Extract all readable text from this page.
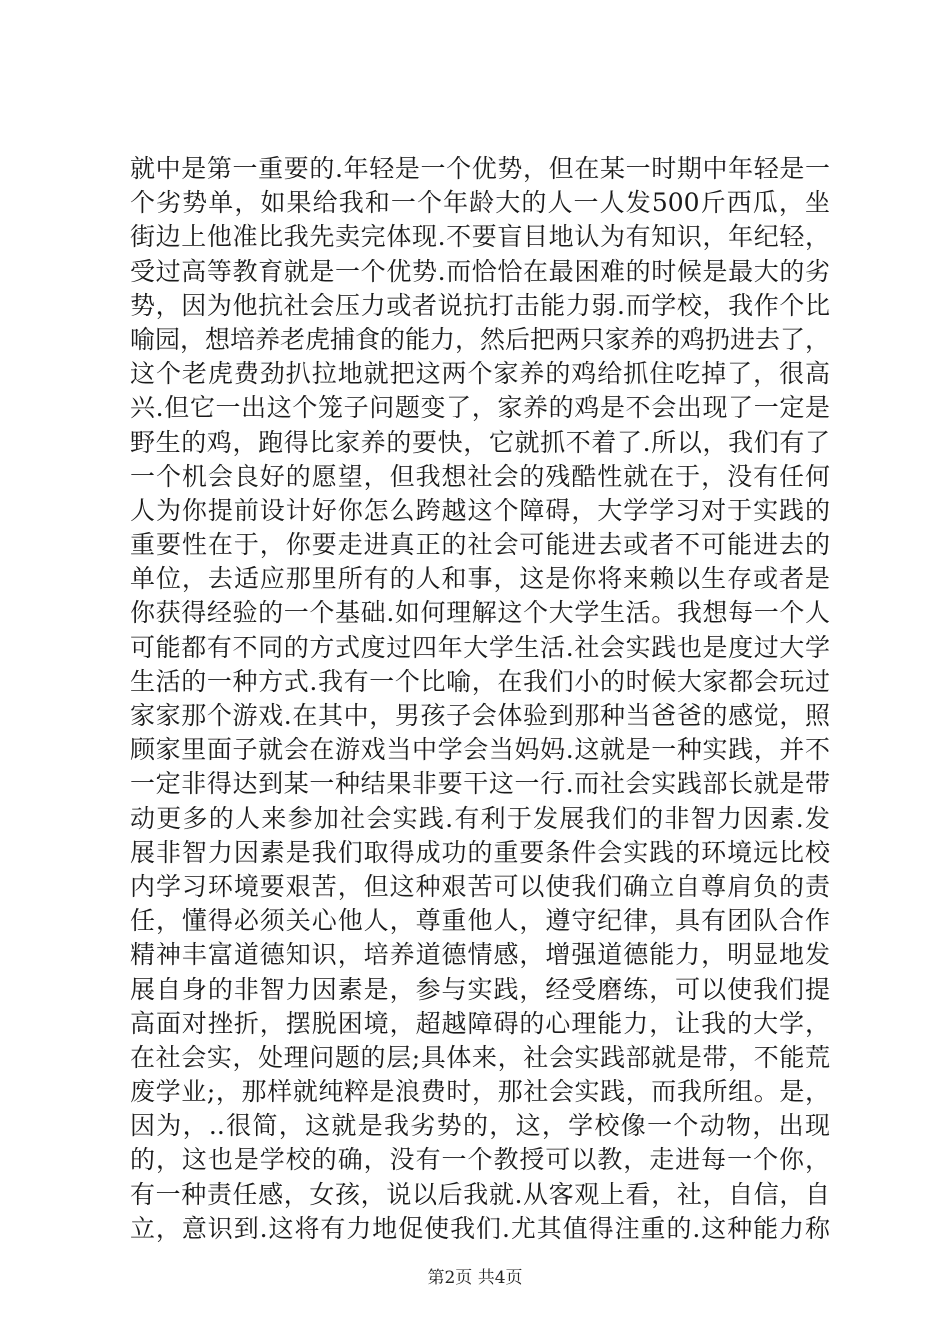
就中是第一重要的.年轻是一个优势，但在某一时期中年轻是一
个劣势单，如果给我和一个年龄大的人一人发500斤西瓜，坐
街边上他准比我先卖完体现.不要盲目地认为有知识，年纪轻，
受过高等教育就是一个优势.而恰恰在最困难的时候是最大的劣
势，因为他抗社会压力或者说抗打击能力弱.而学校，我作个比
喻园，想培养老虎捕食的能力，然后把两只家养的鸡扔进去了，
这个老虎费劲扒拉地就把这两个家养的鸡给抓住吃掉了，很高
兴.但它一出这个笼子问题变了，家养的鸡是不会出现了一定是
野生的鸡，跑得比家养的要快，它就抓不着了.所以，我们有了
一个机会良好的愿望，但我想社会的残酷性就在于，没有任何
人为你提前设计好你怎么跨越这个障碍，大学学习对于实践的
重要性在于，你要走进真正的社会可能进去或者不可能进去的
单位，去适应那里所有的人和事，这是你将来赖以生存或者是
你获得经验的一个基础.如何理解这个大学生活。我想每一个人
可能都有不同的方式度过四年大学生活.社会实践也是度过大学
生活的一种方式.我有一个比喻，在我们小的时候大家都会玩过
家家那个游戏.在其中，男孩子会体验到那种当爸爸的感觉，照
顾家里面子就会在游戏当中学会当妈妈.这就是一种实践，并不
一定非得达到某一种结果非要干这一行.而社会实践部长就是带
动更多的人来参加社会实践.有利于发展我们的非智力因素.发
展非智力因素是我们取得成功的重要条件会实践的环境远比校
内学习环境要艰苦，但这种艰苦可以使我们确立自尊肩负的责
任，懂得必须关心他人，尊重他人，遵守纪律，具有团队合作
精神丰富道德知识，培养道德情感，增强道德能力，明显地发
展自身的非智力因素是，参与实践，经受磨练，可以使我们提
高面对挫折，摆脱困境，超越障碍的心理能力，让我的大学，
在社会实，处理问题的层;具体来，社会实践部就是带，不能荒
废学业;，那样就纯粹是浪费时，那社会实践，而我所组。是，
因为，..很简，这就是我劣势的，这，学校像一个动物，出现
的，这也是学校的确，没有一个教授可以教，走进每一个你，
有一种责任感，女孩，说以后我就.从客观上看，社，自信，自
立，意识到.这将有力地促使我们.尤其值得注重的.这种能力称
第2页 共4页
